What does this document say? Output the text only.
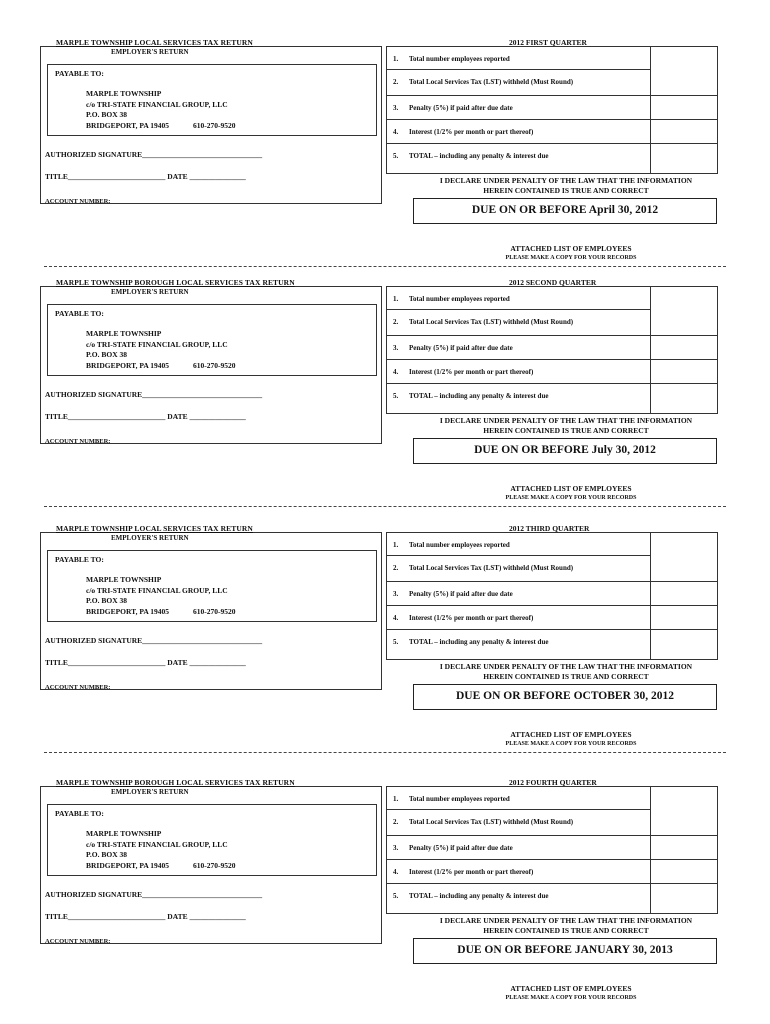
MARPLE TOWNSHIP LOCAL SERVICES TAX RETURN
EMPLOYER'S RETURN
2012 FIRST QUARTER
PAYABLE TO:
MARPLE TOWNSHIP
c/o TRI-STATE FINANCIAL GROUP, LLC
P.O. BOX 38
BRIDGEPORT, PA 19405	610-270-9520
AUTHORIZED SIGNATURE________________________________
TITLE__________________________ DATE _______________
ACCOUNT NUMBER:
1. Total number employees reported
2. Total Local Services Tax (LST) withheld (Must Round)
3. Penalty (5%) if paid after due date
4. Interest (1/2% per month or part thereof)
5. TOTAL – including any penalty & interest due
I DECLARE UNDER PENALTY OF THE LAW THAT THE INFORMATION
HEREIN CONTAINED IS TRUE AND CORRECT
DUE ON OR BEFORE April 30, 2012
ATTACHED LIST OF EMPLOYEES
PLEASE MAKE A COPY FOR YOUR RECORDS
MARPLE TOWNSHIP BOROUGH LOCAL SERVICES TAX RETURN
EMPLOYER'S RETURN
2012 SECOND QUARTER
PAYABLE TO:
MARPLE TOWNSHIP
c/o TRI-STATE FINANCIAL GROUP, LLC
P.O. BOX 38
BRIDGEPORT, PA 19405	610-270-9520
AUTHORIZED SIGNATURE________________________________
TITLE__________________________ DATE _______________
ACCOUNT NUMBER:
1. Total number employees reported
2. Total Local Services Tax (LST) withheld (Must Round)
3. Penalty (5%) if paid after due date
4. Interest (1/2% per month or part thereof)
5. TOTAL – including any penalty & interest due
I DECLARE UNDER PENALTY OF THE LAW THAT THE INFORMATION
HEREIN CONTAINED IS TRUE AND CORRECT
DUE ON OR BEFORE July 30, 2012
ATTACHED LIST OF EMPLOYEES
PLEASE MAKE A COPY FOR YOUR RECORDS
MARPLE TOWNSHIP LOCAL SERVICES TAX RETURN
EMPLOYER'S RETURN
2012 THIRD QUARTER
PAYABLE TO:
MARPLE TOWNSHIP
c/o TRI-STATE FINANCIAL GROUP, LLC
P.O. BOX 38
BRIDGEPORT, PA 19405	610-270-9520
AUTHORIZED SIGNATURE________________________________
TITLE__________________________ DATE _______________
ACCOUNT NUMBER:
1. Total number employees reported
2. Total Local Services Tax (LST) withheld (Must Round)
3. Penalty (5%) if paid after due date
4. Interest (1/2% per month or part thereof)
5. TOTAL – including any penalty & interest due
I DECLARE UNDER PENALTY OF THE LAW THAT THE INFORMATION
HEREIN CONTAINED IS TRUE AND CORRECT
DUE ON OR BEFORE OCTOBER 30, 2012
ATTACHED LIST OF EMPLOYEES
PLEASE MAKE A COPY FOR YOUR RECORDS
MARPLE TOWNSHIP BOROUGH LOCAL SERVICES TAX RETURN
EMPLOYER'S RETURN
2012 FOURTH QUARTER
PAYABLE TO:
MARPLE TOWNSHIP
c/o TRI-STATE FINANCIAL GROUP, LLC
P.O. BOX 38
BRIDGEPORT, PA 19405	610-270-9520
AUTHORIZED SIGNATURE________________________________
TITLE__________________________ DATE _______________
ACCOUNT NUMBER:
1. Total number employees reported
2. Total Local Services Tax (LST) withheld (Must Round)
3. Penalty (5%) if paid after due date
4. Interest (1/2% per month or part thereof)
5. TOTAL – including any penalty & interest due
I DECLARE UNDER PENALTY OF THE LAW THAT THE INFORMATION
HEREIN CONTAINED IS TRUE AND CORRECT
DUE ON OR BEFORE JANUARY 30, 2013
ATTACHED LIST OF EMPLOYEES
PLEASE MAKE A COPY FOR YOUR RECORDS
